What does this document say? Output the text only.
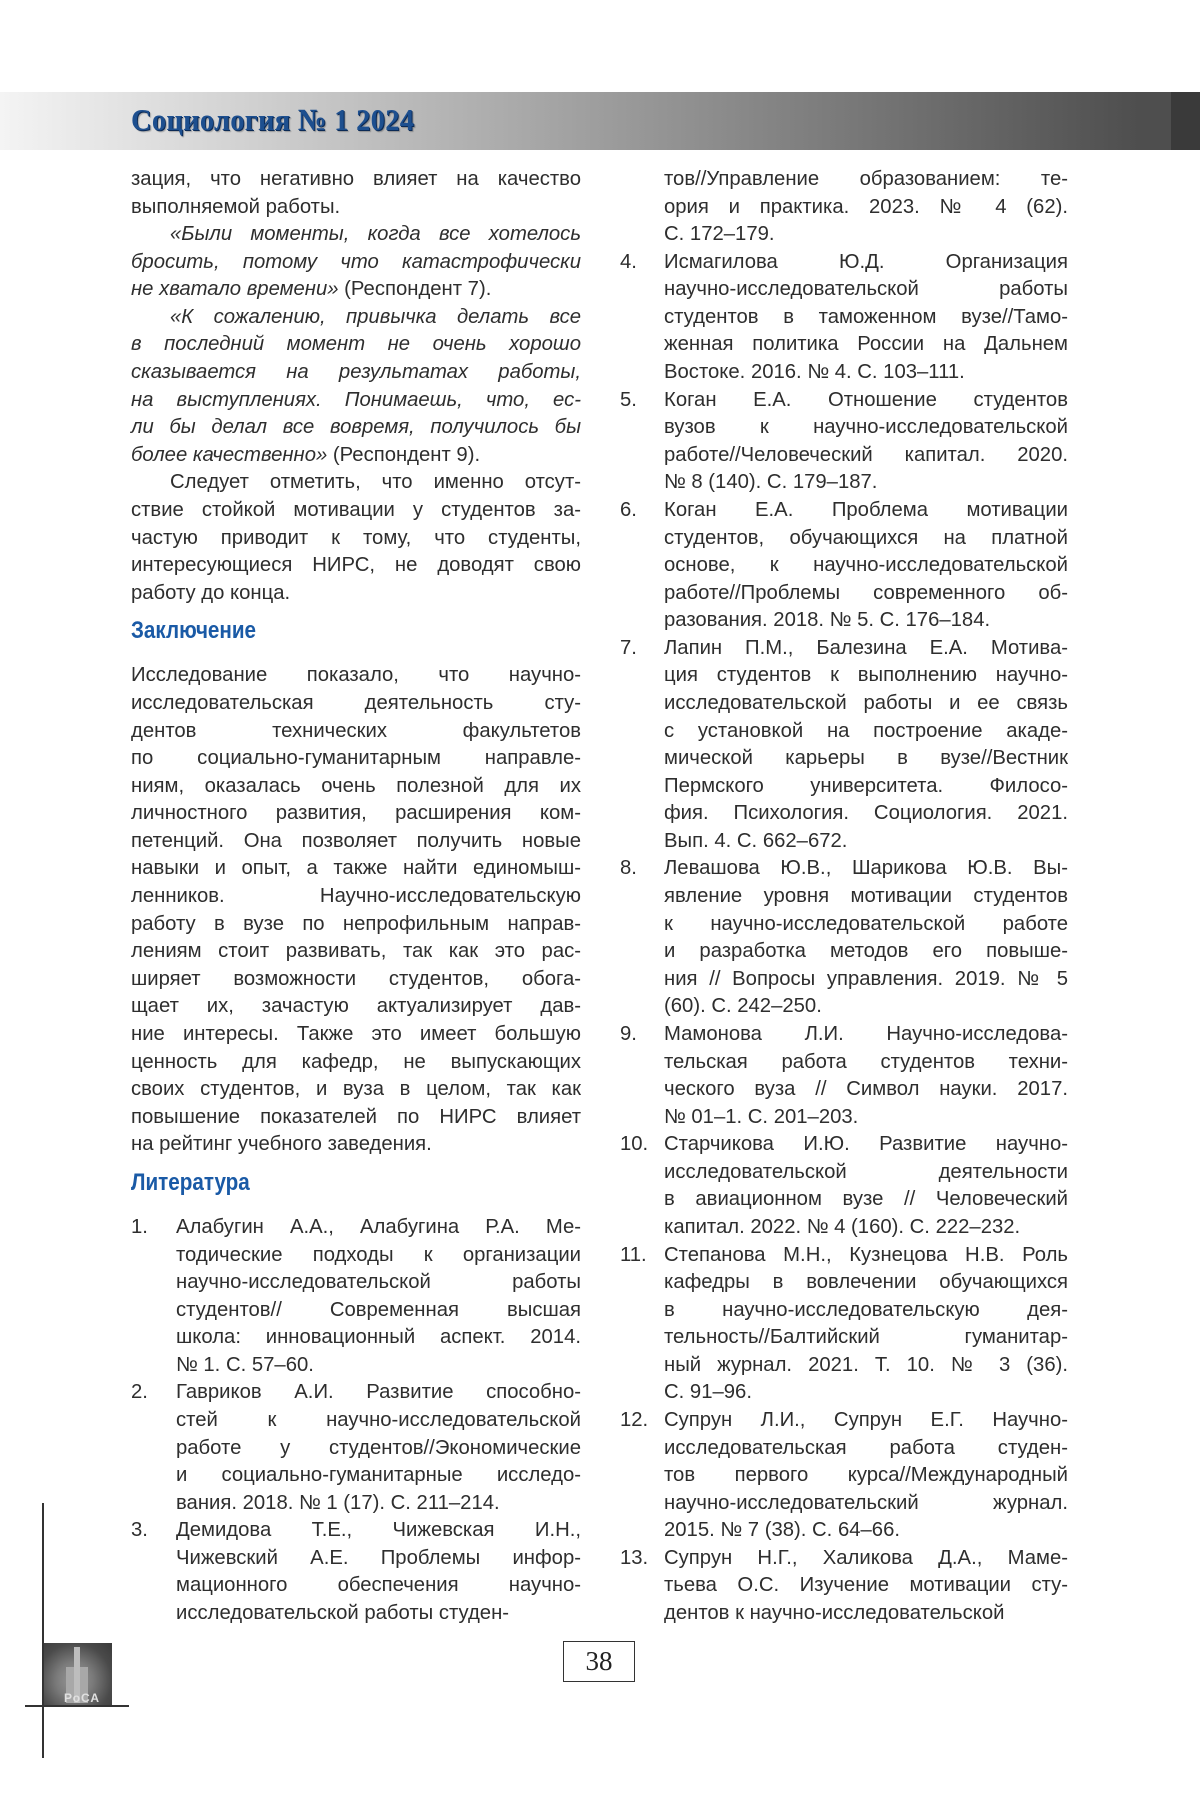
Социология № 1 2024
зация, что негативно влияет на качество
выполняемой работы.
«Были моменты, когда все хотелось
бросить, потому что катастрофически
не хватало времени» (Респондент 7).
«К сожалению, привычка делать все
в последний момент не очень хорошо
сказывается на результатах работы,
на выступлениях. Понимаешь, что, ес-
ли бы делал все вовремя, получилось бы
более качественно» (Респондент 9).
Следует отметить, что именно отсут-
ствие стойкой мотивации у студентов за-
частую приводит к тому, что студенты,
интересующиеся НИРС, не доводят свою
работу до конца.
Заключение
Исследование показало, что научно-
исследовательская деятельность сту-
дентов технических факультетов
по социально-гуманитарным направле-
ниям, оказалась очень полезной для их
личностного развития, расширения ком-
петенций. Она позволяет получить новые
навыки и опыт, а также найти единомыш-
ленников. Научно-исследовательскую
работу в вузе по непрофильным направ-
лениям стоит развивать, так как это рас-
ширяет возможности студентов, обога-
щает их, зачастую актуализирует дав-
ние интересы. Также это имеет большую
ценность для кафедр, не выпускающих
своих студентов, и вуза в целом, так как
повышение показателей по НИРС влияет
на рейтинг учебного заведения.
Литература
1. Алабугин А.А., Алабугина Р.А. Ме-
тодические подходы к организации
научно-исследовательской работы
студентов// Современная высшая
школа: инновационный аспект. 2014.
№ 1. С. 57–60.
2. Гавриков А.И. Развитие способно-
стей к научно-исследовательской
работе у студентов//Экономические
и социально-гуманитарные исследо-
вания. 2018. № 1 (17). С. 211–214.
3. Демидова Т.Е., Чижевская И.Н.,
Чижевский А.Е. Проблемы инфор-
мационного обеспечения научно-
исследовательской работы студен-
тов//Управление образованием: те-
ория и практика. 2023. № 4 (62).
С. 172–179.
4. Исмагилова Ю.Д. Организация
научно-исследовательской работы
студентов в таможенном вузе//Тамо-
женная политика России на Дальнем
Востоке. 2016. № 4. С. 103–111.
5. Коган Е.А. Отношение студентов
вузов к научно-исследовательской
работе//Человеческий капитал. 2020.
№ 8 (140). С. 179–187.
6. Коган Е.А. Проблема мотивации
студентов, обучающихся на платной
основе, к научно-исследовательской
работе//Проблемы современного об-
разования. 2018. № 5. С. 176–184.
7. Лапин П.М., Балезина Е.А. Мотива-
ция студентов к выполнению научно-
исследовательской работы и ее связь
с установкой на построение акаде-
мической карьеры в вузе//Вестник
Пермского университета. Филосо-
фия. Психология. Социология. 2021.
Вып. 4. С. 662–672.
8. Левашова Ю.В., Шарикова Ю.В. Вы-
явление уровня мотивации студентов
к научно-исследовательской работе
и разработка методов его повыше-
ния // Вопросы управления. 2019. № 5
(60). С. 242–250.
9. Мамонова Л.И. Научно-исследова-
тельская работа студентов техни-
ческого вуза // Символ науки. 2017.
№ 01–1. С. 201–203.
10. Старчикова И.Ю. Развитие научно-
исследовательской деятельности
в авиационном вузе // Человеческий
капитал. 2022. № 4 (160). С. 222–232.
11. Степанова М.Н., Кузнецова Н.В. Роль
кафедры в вовлечении обучающихся
в научно-исследовательскую дея-
тельность//Балтийский гуманитар-
ный журнал. 2021. Т. 10. № 3 (36).
С. 91–96.
12. Супрун Л.И., Супрун Е.Г. Научно-
исследовательская работа студен-
тов первого курса//Международный
научно-исследовательский журнал.
2015. № 7 (38). С. 64–66.
13. Супрун Н.Г., Халикова Д.А., Маме-
тьева О.С. Изучение мотивации сту-
дентов к научно-исследовательской
РоСА
38
